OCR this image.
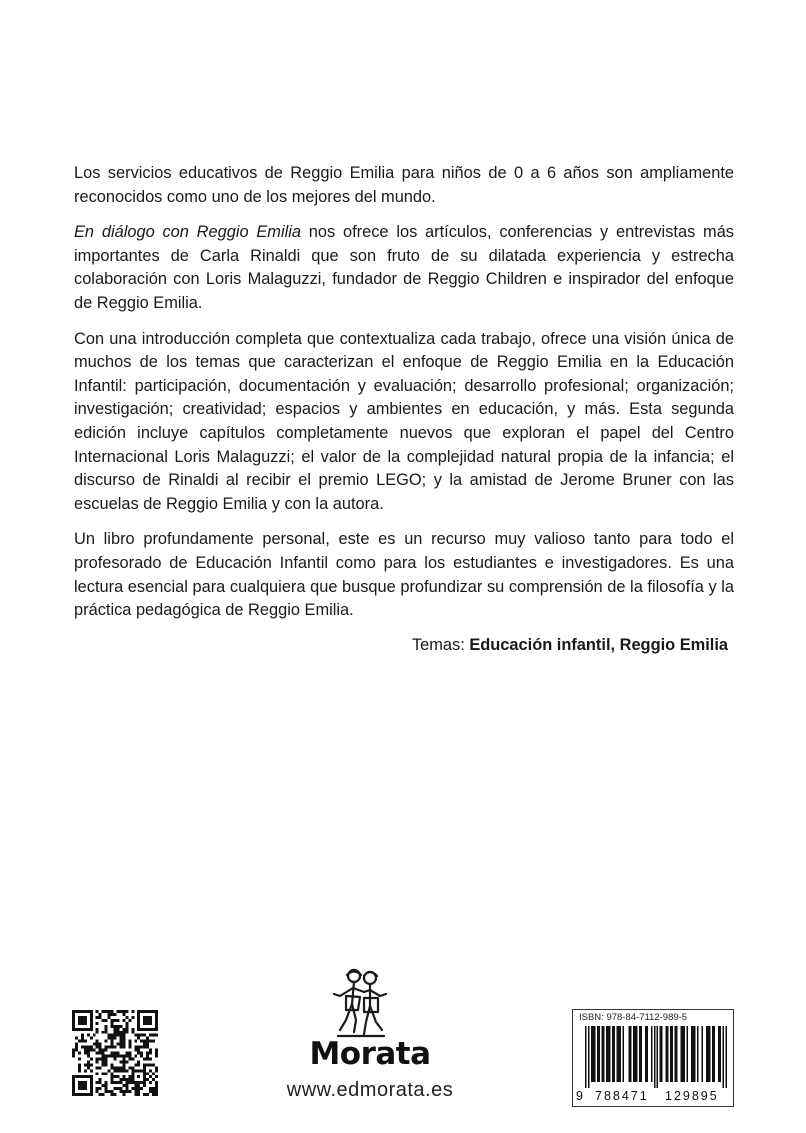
Los servicios educativos de Reggio Emilia para niños de 0 a 6 años son ampliamente reconocidos como uno de los mejores del mundo.

En diálogo con Reggio Emilia nos ofrece los artículos, conferencias y entrevistas más importantes de Carla Rinaldi que son fruto de su dilatada experiencia y estrecha colaboración con Loris Malaguzzi, fundador de Reggio Children e inspirador del enfoque de Reggio Emilia.

Con una introducción completa que contextualiza cada trabajo, ofrece una visión única de muchos de los temas que caracterizan el enfoque de Reggio Emilia en la Educación Infantil: participación, documentación y evaluación; desarrollo profesional; organización; investigación; creatividad; espacios y ambientes en educación, y más. Esta segunda edición incluye capítulos completamente nuevos que exploran el papel del Centro Internacional Loris Malaguzzi; el valor de la complejidad natural propia de la infancia; el discurso de Rinaldi al recibir el premio LEGO; y la amistad de Jerome Bruner con las escuelas de Reggio Emilia y con la autora.

Un libro profundamente personal, este es un recurso muy valioso tanto para todo el profesorado de Educación Infantil como para los estudiantes e investigadores. Es una lectura esencial para cualquiera que busque profundizar su comprensión de la filosofía y la práctica pedagógica de Reggio Emilia.

Temas: Educación infantil, Reggio Emilia
Morata
www.edmorata.es
ISBN: 978-84-7112-989-5
9 788471 129895
